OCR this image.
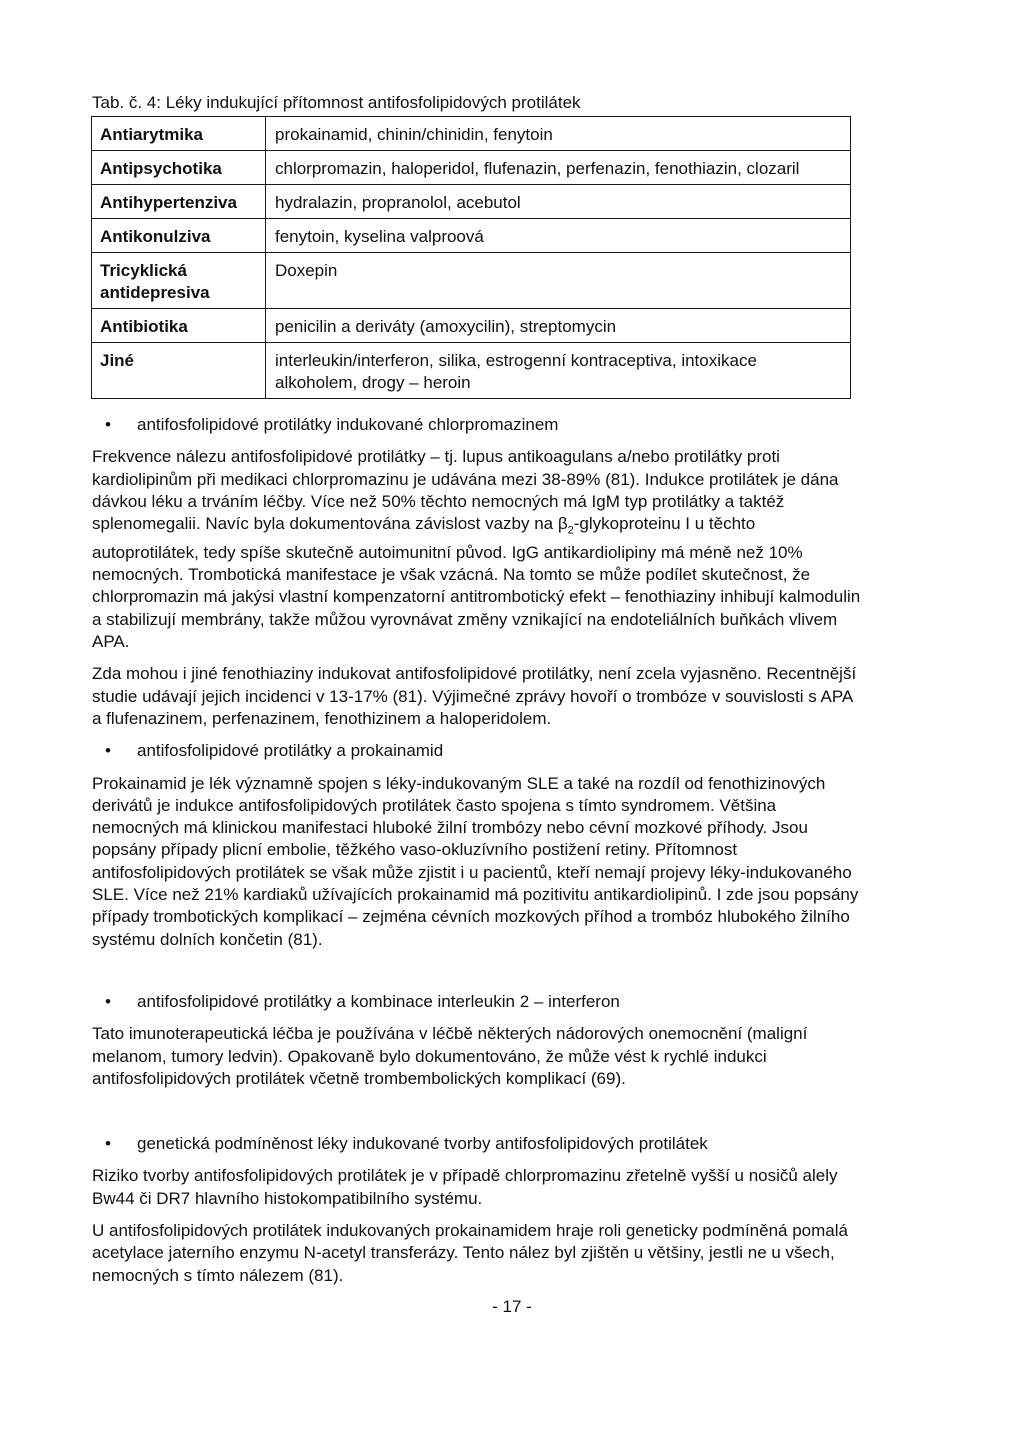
Tab. č. 4: Léky indukující přítomnost antifosfolipidových protilátek
Antiarytmika	prokainamid, chinin/chinidin, fenytoin
Antipsychotika	chlorpromazin, haloperidol, flufenazin, perfenazin, fenothiazin, clozaril
Antihypertenziva	hydralazin, propranolol, acebutol
Antikonulziva	fenytoin, kyselina valproová
Tricyklická antidepresiva	Doxepin
Antibiotika	penicilin a deriváty (amoxycilin), streptomycin
Jiné	interleukin/interferon, silika, estrogenní kontraceptiva, intoxikace alkoholem, drogy – heroin
• antifosfolipidové protilátky indukované chlorpromazinem

Frekvence nálezu antifosfolipidové protilátky – tj. lupus antikoagulans a/nebo protilátky proti kardiolipinům při medikaci chlorpromazinu je udávána mezi 38-89% (81). Indukce protilátek je dána dávkou léku a trváním léčby. Více než 50% těchto nemocných má IgM typ protilátky a taktéž splenomegalii. Navíc byla dokumentována závislost vazby na $\beta_2$-glykoproteinu I u těchto autoprotilátek, tedy spíše skutečně autoimunitní původ. IgG antikardiolipiny má méně než 10% nemocných. Trombotická manifestace je však vzácná. Na tomto se může podílet skutečnost, že chlorpromazin má jakýsi vlastní kompenzatorní antitrombotický efekt – fenothiaziny inhibují kalmodulin a stabilizují membrány, takže můžou vyrovnávat změny vznikající na endoteliálních buňkách vlivem APA.

Zda mohou i jiné fenothiaziny indukovat antifosfolipidové protilátky, není zcela vyjasněno. Recentnější studie udávají jejich incidenci v 13-17% (81). Výjimečné zprávy hovoří o trombóze v souvislosti s APA a flufenazinem, perfenazinem, fenothizinem a haloperidolem.

• antifosfolipidové protilátky a prokainamid

Prokainamid je lék významně spojen s léky-indukovaným SLE a také na rozdíl od fenothizinových derivátů je indukce antifosfolipidových protilátek často spojena s tímto syndromem. Většina nemocných má klinickou manifestaci hluboké žilní trombózy nebo cévní mozkové příhody. Jsou popsány případy plicní embolie, těžkého vaso-okluzívního postižení retiny. Přítomnost antifosfolipidových protilátek se však může zjistit i u pacientů, kteří nemají projevy léky-indukovaného SLE. Více než 21% kardiaků užívajících prokainamid má pozitivitu antikardiolipinů. I zde jsou popsány případy trombotických komplikací – zejména cévních mozkových příhod a trombóz hlubokého žilního systému dolních končetin (81).

• antifosfolipidové protilátky a kombinace interleukin 2 – interferon

Tato imunoterapeutická léčba je používána v léčbě některých nádorových onemocnění (maligní melanom, tumory ledvin). Opakovaně bylo dokumentováno, že může vést k rychlé indukci antifosfolipidových protilátek včetně trombembolických komplikací (69).

• genetická podmíněnost léky indukované tvorby antifosfolipidových protilátek

Riziko tvorby antifosfolipidových protilátek je v případě chlorpromazinu zřetelně vyšší u nosičů alely Bw44 či DR7 hlavního histokompatibilního systému.

U antifosfolipidových protilátek indukovaných prokainamidem hraje roli geneticky podmíněná pomalá acetylace jaterního enzymu N-acetyl transferázy. Tento nález byl zjištěn u většiny, jestli ne u všech, nemocných s tímto nálezem (81).

- 17 -
